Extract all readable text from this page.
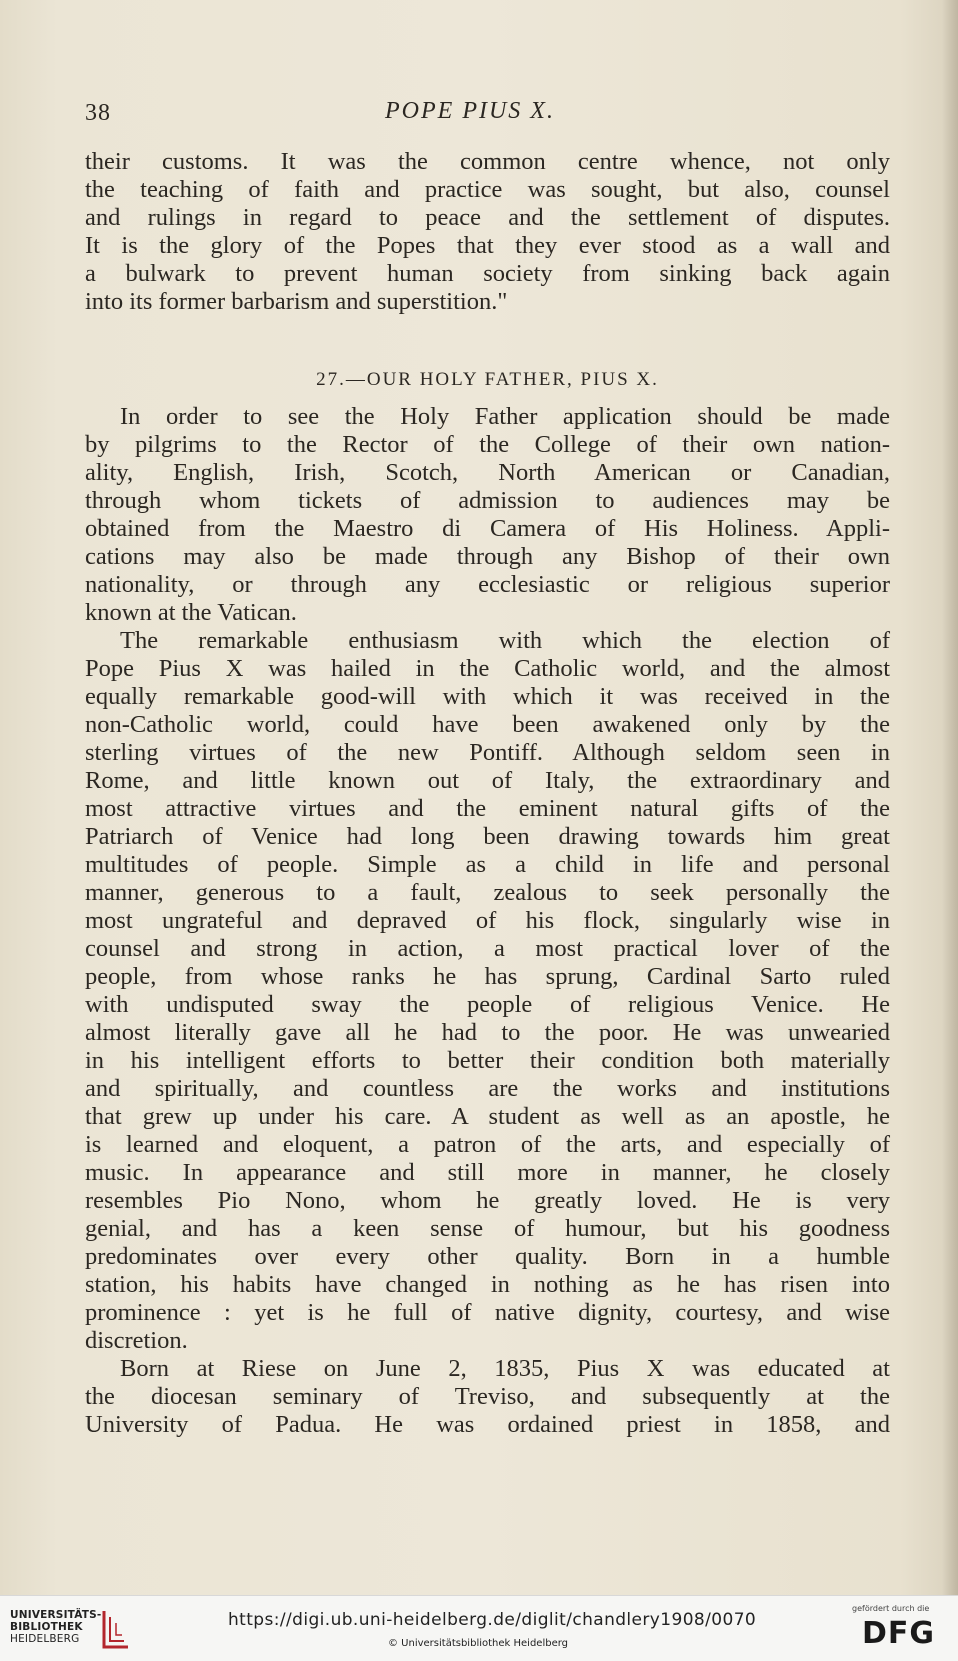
38	POPE PIUS X.
their customs. It was the common centre whence, not only
the teaching of faith and practice was sought, but also, counsel
and rulings in regard to peace and the settlement of disputes.
It is the glory of the Popes that they ever stood as a wall and
a bulwark to prevent human society from sinking back again
into its former barbarism and superstition."
In order to see the Holy Father application should be made
by pilgrims to the Rector of the College of their own nation-
ality, English, Irish, Scotch, North American or Canadian,
through whom tickets of admission to audiences may be
obtained from the Maestro di Camera of His Holiness. Appli-
cations may also be made through any Bishop of their own
nationality, or through any ecclesiastic or religious superior
known at the Vatican.
The remarkable enthusiasm with which the election of
Pope Pius X was hailed in the Catholic world, and the almost
equally remarkable good-will with which it was received in the
non-Catholic world, could have been awakened only by the
sterling virtues of the new Pontiff. Although seldom seen in
Rome, and little known out of Italy, the extraordinary and
most attractive virtues and the eminent natural gifts of the
Patriarch of Venice had long been drawing towards him great
multitudes of people. Simple as a child in life and personal
manner, generous to a fault, zealous to seek personally the
most ungrateful and depraved of his flock, singularly wise in
counsel and strong in action, a most practical lover of the
people, from whose ranks he has sprung, Cardinal Sarto ruled
with undisputed sway the people of religious Venice. He
almost literally gave all he had to the poor. He was unwearied
in his intelligent efforts to better their condition both materially
and spiritually, and countless are the works and institutions
that grew up under his care. A student as well as an apostle, he
is learned and eloquent, a patron of the arts, and especially of
music. In appearance and still more in manner, he closely
resembles Pio Nono, whom he greatly loved. He is very
genial, and has a keen sense of humour, but his goodness
predominates over every other quality. Born in a humble
station, his habits have changed in nothing as he has risen into
prominence : yet is he full of native dignity, courtesy, and wise
discretion.
Born at Riese on June 2, 1835, Pius X was educated at
the diocesan seminary of Treviso, and subsequently at the
University of Padua. He was ordained priest in 1858, and
27.—OUR HOLY FATHER, PIUS X.
UNIVERSITÄTS-
BIBLIOTHEK
HEIDELBERG
https://digi.ub.uni-heidelberg.de/diglit/chandlery1908/0070
© Universitätsbibliothek Heidelberg
gefördert durch die
DFG
